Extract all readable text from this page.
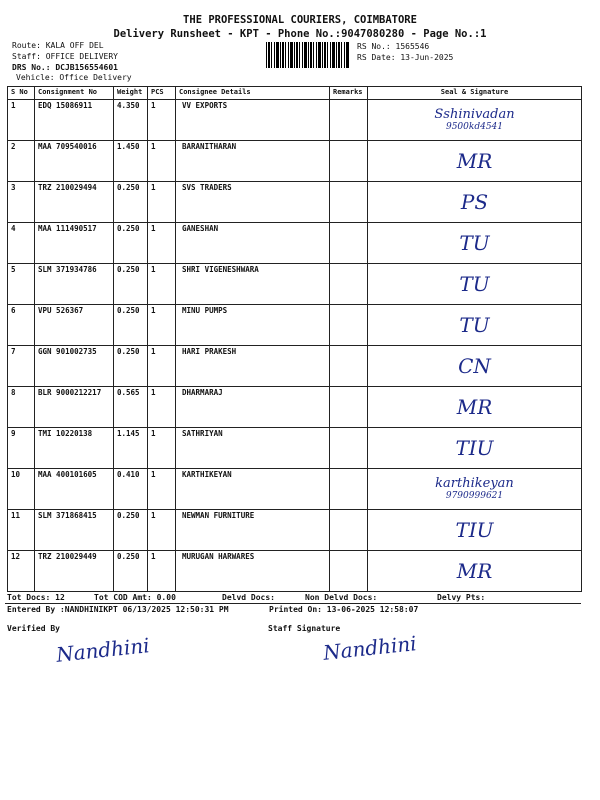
THE PROFESSIONAL COURIERS, COIMBATORE
Delivery Runsheet - KPT - Phone No.:9047080280 - Page No.:1
Route: KALA OFF DEL
Staff: OFFICE DELIVERY
DRS No.: DCJB156554601
Vehicle: Office Delivery
RS No.: 1565546
RS Date: 13-Jun-2025
S No	Consignment No	Weight	PCS	Consignee Details	Remarks	Seal & Signature
1	EDQ 15086911	4.350	1	VV EXPORTS		Sshinivadan
9500kd4541

2	MAA 709540016	1.450	1	BARANITHARAN		MR

3	TRZ 210029494	0.250	1	SVS TRADERS		PS

4	MAA 111490517	0.250	1	GANESHAN		TU

5	SLM 371934786	0.250	1	SHRI VIGENESHWARA		TU

6	VPU 526367	0.250	1	MINU PUMPS		TU

7	GGN 901002735	0.250	1	HARI PRAKESH		CN

8	BLR 9000212217	0.565	1	DHARMARAJ		MR

9	TMI 10220138	1.145	1	SATHRIYAN		TIU

10	MAA 400101605	0.410	1	KARTHIKEYAN		karthikeyan
9790999621

11	SLM 371868415	0.250	1	NEWMAN FURNITURE		TIU

12	TRZ 210029449	0.250	1	MURUGAN HARWARES		MR
Tot Docs: 12	Tot COD Amt: 0.00	Delvd Docs:	Non Delvd Docs:	Delvy Pts:
Entered By :NANDHINIKPT 06/13/2025 12:50:31 PM	Printed On: 13-06-2025 12:58:07
Verified By	Staff Signature
Nandhini	Nandhini
